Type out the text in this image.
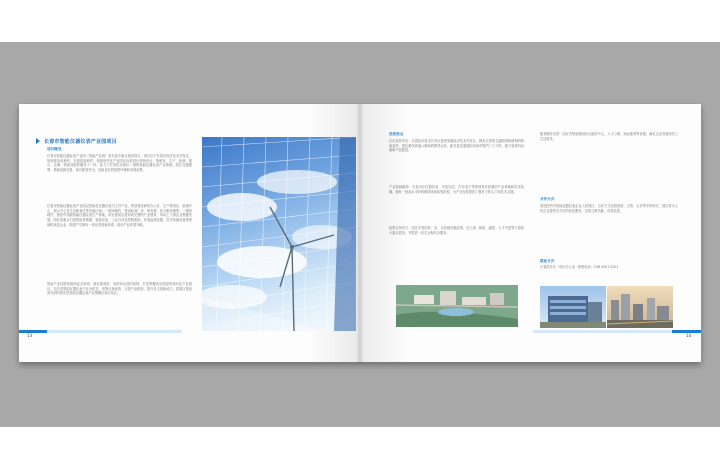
长春市智能仪器仪表产业园项目
项目概况
长春市智能仪器仪表产业园（智能产业园）是长春市重点建设项目，项目位于长春市经济技术开发区，规划建设用地约，总建筑面积约，按照现代化产业园区标准进行规划设计，集研发、生产、检测、展示、仓储、物流及配套服务于一体，致力于打造东北地区一流的智能仪器仪表产业基地。园区交通便利，基础设施完善，周边配套齐全，具备良好的投资环境和发展前景。
长春市智能仪器仪表产业园以智能化仪器仪表为主导产业，规划建设研发办公区、生产制造区、检测中心、展示中心及生活配套区等功能区域。一期用地约，建设标准厂房、研发楼、综合服务楼等，二期用地约，建设中高端智能仪器仪表生产基地。项目建成后将形成完整的产业链条，带动上下游企业集聚发展。园区将重点引进智能传感器、智能仪表、工业自动化控制系统、环境监测仪器、医疗检测设备等领域的优质企业，构建产学研用一体化的创新体系，推动产业转型升级。
智能产业园将按照高起点规划、高标准建设、高效率运营的原则，打造集聚效应明显的现代化产业园区。以长春智能仪器仪表产业为依托，发挥区域优势，完善产业配套，提升自主创新能力，将园区建设成为国内领先的智能仪器仪表产业集聚区和示范区。
13
优势亮点
区位优势突出：长春经济技术开发区是国家级经济技术开发区，拥有完善的交通网络和便利的物流条件。园区紧邻高速公路和铁路货运站，距长春龙嘉国际机场车程约三十分钟，便于原材料运输和产品配送。
产业基础雄厚：长春市在仪器仪表、光电信息、汽车电子等领域具有较强的产业基础和技术积累，拥有一批高水平的科研院所和高等院校，为产业发展提供了强有力的人才和技术支撑。
政策支持有力：园区享受国家、省、市各级优惠政策，在土地、税收、融资、人才引进等方面给予重点扶持，并提供一站式全程代办服务。
配套服务完善：园区内规划建设综合服务中心、人才公寓、商业配套等设施，满足企业发展和员工生活需求。
合作方式
欢迎国内外智能仪器仪表企业入驻园区，合作方式包括独资、合资、合作等多种形式，园区将为入驻企业提供全方位的优质服务，实现互利共赢、共同发展。
联系方式
长春经开区 · 项目办公室 · 联系电话：138 4301 2201
14
